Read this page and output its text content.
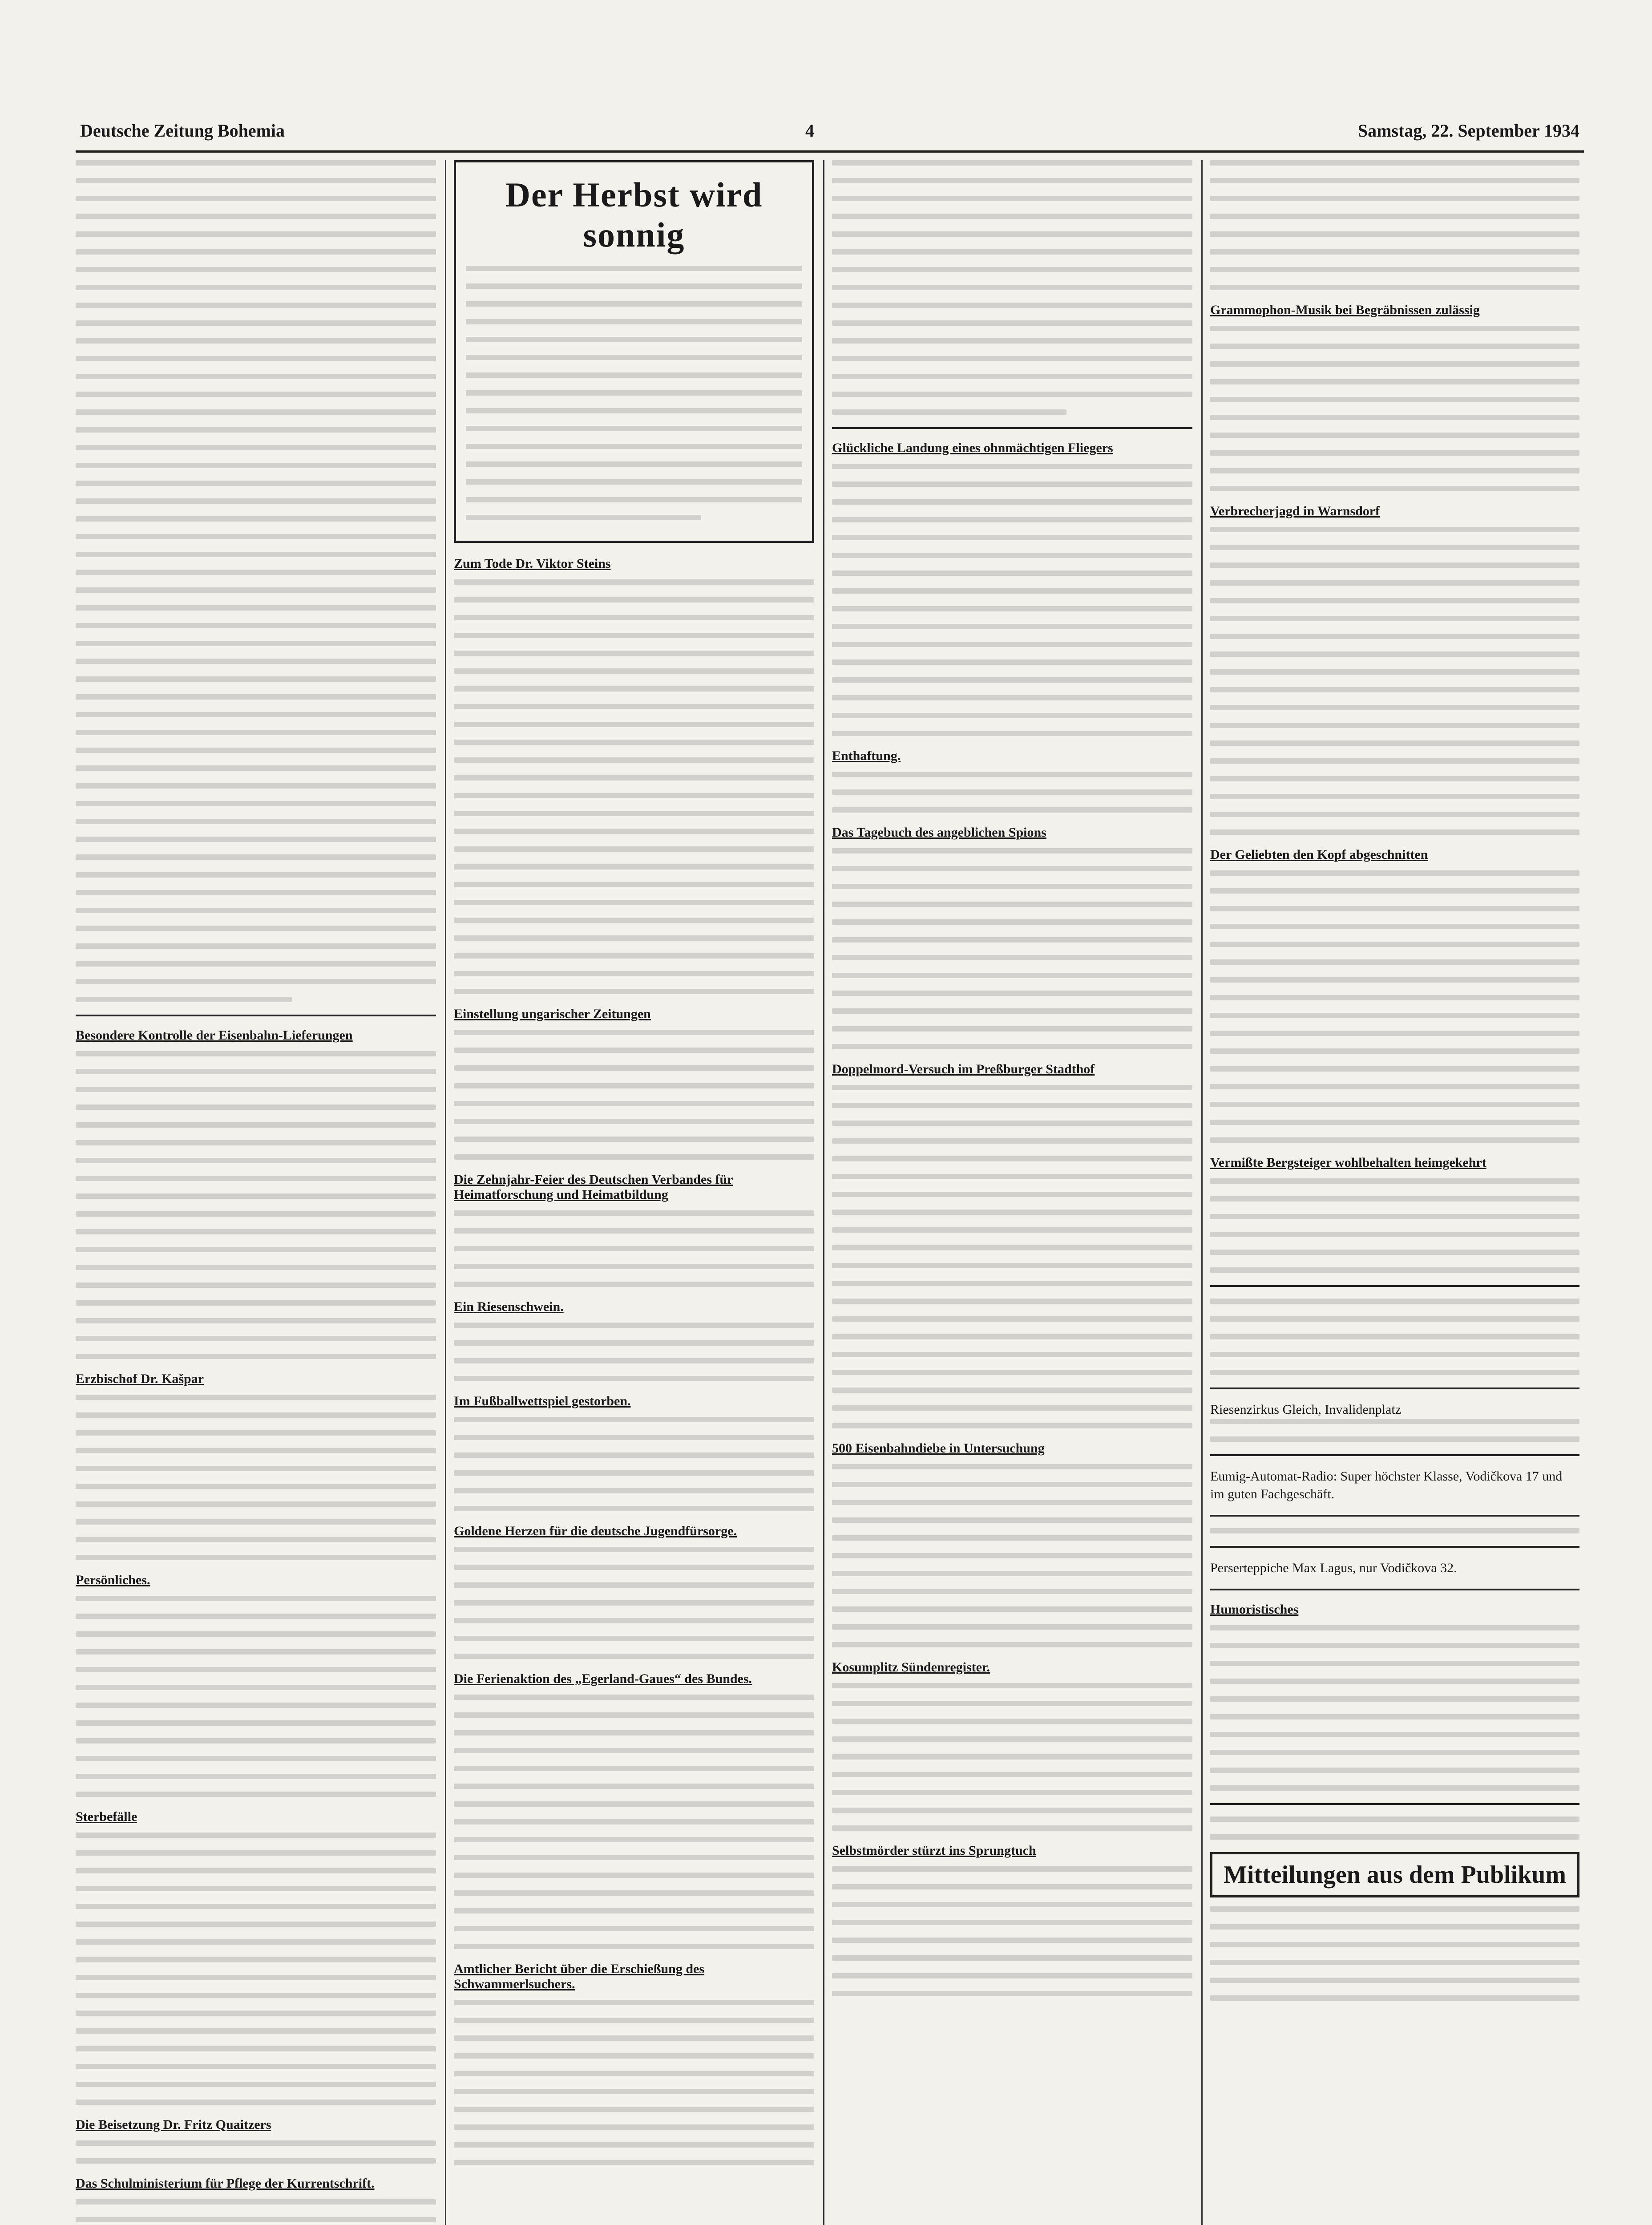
Deutsche Zeitung Bohemia	4	Samstag, 22. September 1934
Besondere Kontrolle der Eisenbahn-Lieferungen
Erzbischof Dr. Kašpar
Persönliches.
Sterbefälle
Die Beisetzung Dr. Fritz Quaitzers
Das Schulministerium für Pflege der Kurrentschrift.
Der Herbst wird sonnig
Zum Tode Dr. Viktor Steins
Einstellung ungarischer Zeitungen
Die Zehnjahr-Feier des Deutschen Verbandes für Heimatforschung und Heimatbildung
Ein Riesenschwein.
Im Fußballwettspiel gestorben.
Goldene Herzen für die deutsche Jugendfürsorge.
Die Ferienaktion des „Egerland-Gaues“ des Bundes.
Amtlicher Bericht über die Erschießung des Schwammerlsuchers.
Glückliche Landung eines ohnmächtigen Fliegers
Enthaftung.
Das Tagebuch des angeblichen Spions
Doppelmord-Versuch im Preßburger Stadthof
500 Eisenbahndiebe in Untersuchung
Kosumplitz Sündenregister.
Selbstmörder stürzt ins Sprungtuch
Grammophon-Musik bei Begräbnissen zulässig
Verbrecherjagd in Warnsdorf
Der Geliebten den Kopf abgeschnitten
Vermißte Bergsteiger wohlbehalten heimgekehrt
Riesenzirkus Gleich, Invalidenplatz
Eumig-Automat-Radio: Super höchster Klasse, Vodičkova 17 und im guten Fachgeschäft.
Perserteppiche Max Lagus, nur Vodičkova 32.
Humoristisches
Mitteilungen aus dem Publikum
